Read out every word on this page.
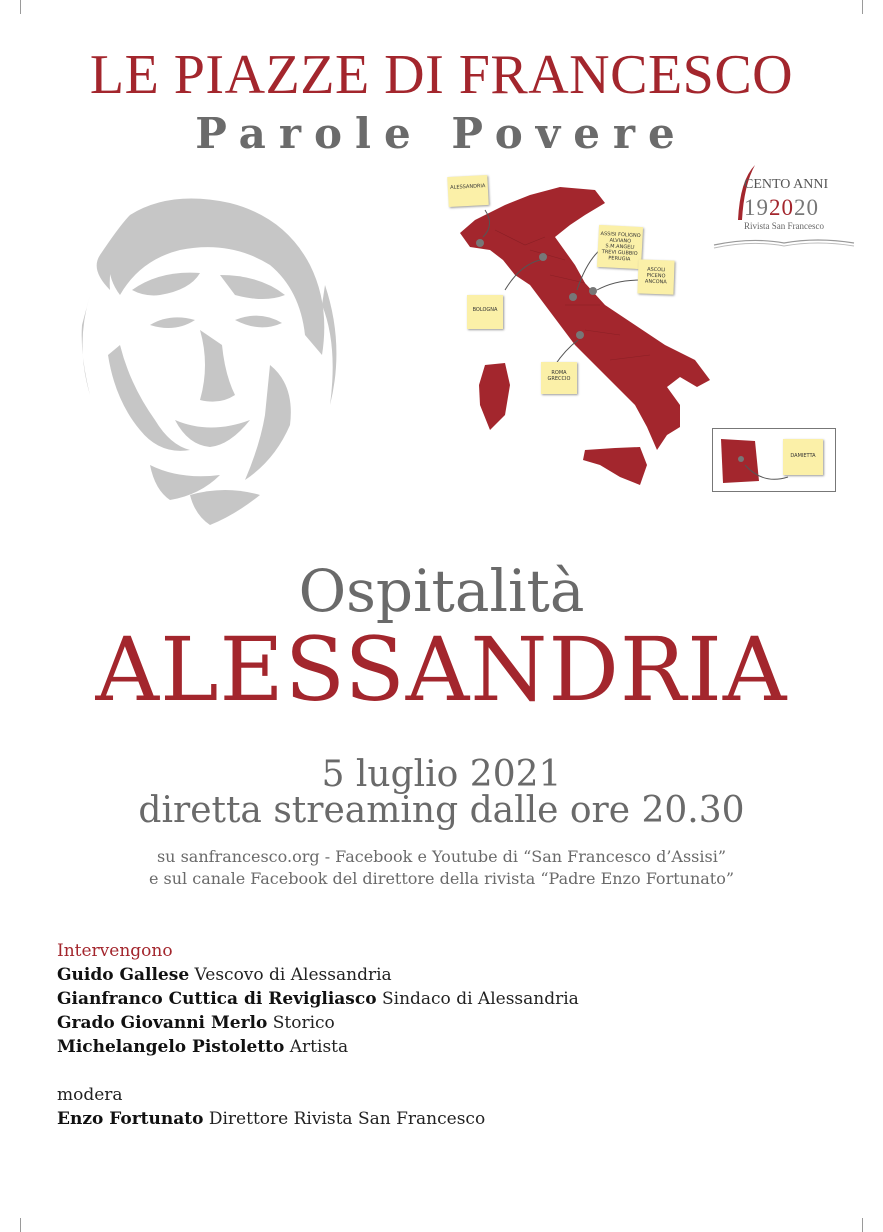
LE PIAZZE DI FRANCESCO
Parole Povere
ALESSANDRIA
ASSISI FOLIGNO ALVIANO S.M.ANGELI TREVI GUBBIO PERUGIA
ASCOLI PICENO ANCONA
BOLOGNA
ROMA GRECCIO
DAMIETTA
CENTO ANNI
192020
Rivista San Francesco
Ospitalità
ALESSANDRIA
5 luglio 2021
diretta streaming dalle ore 20.30
su sanfrancesco.org - Facebook e Youtube di “San Francesco d’Assisi”
e sul canale Facebook del direttore della rivista “Padre Enzo Fortunato”
Intervengono
Guido Gallese Vescovo di Alessandria
Gianfranco Cuttica di Revigliasco Sindaco di Alessandria
Grado Giovanni Merlo Storico
Michelangelo Pistoletto Artista
modera
Enzo Fortunato Direttore Rivista San Francesco
